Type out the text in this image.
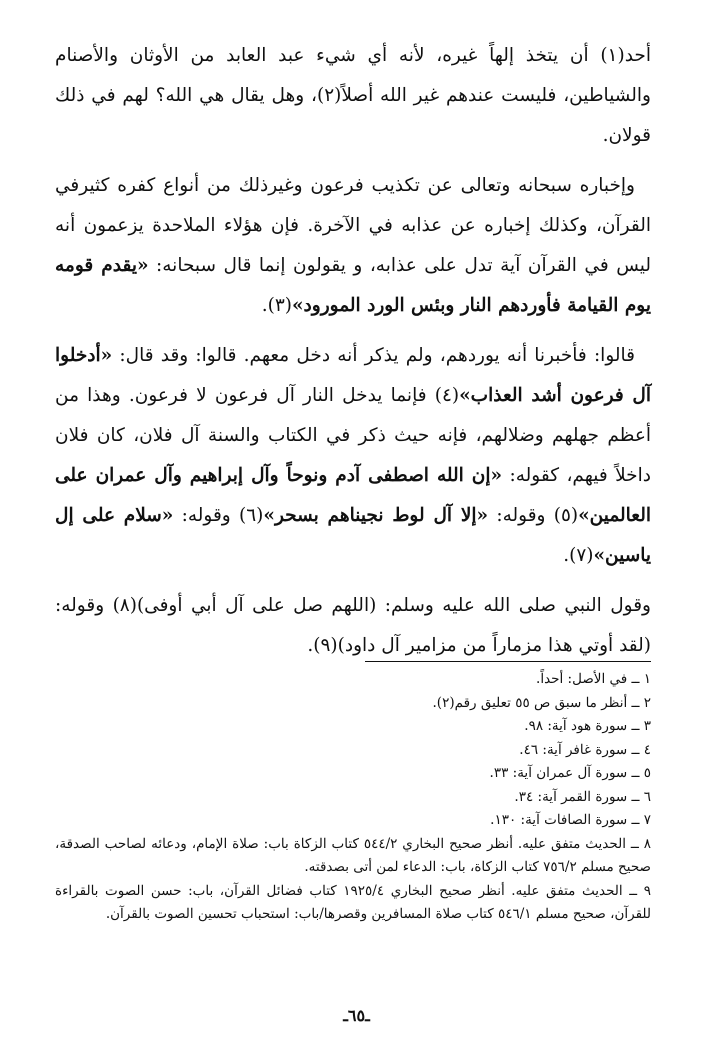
أحد(١) أن يتخذ إلهاً غيره، لأنه أي شيء عبد العابد من الأوثان والأصنام والشياطين، فليست عندهم غير الله أصلاً(٢)، وهل يقال هي الله؟ لهم في ذلك قولان.

وإخباره سبحانه وتعالى عن تكذيب فرعون وغيرذلك من أنواع كفره كثيرفي القرآن، وكذلك إخباره عن عذابه في الآخرة. فإن هؤلاء الملاحدة يزعمون أنه ليس في القرآن آية تدل على عذابه، و يقولون إنما قال سبحانه: «يقدم قومه يوم القيامة فأوردهم النار وبئس الورد المورود»(٣).

قالوا: فأخبرنا أنه يوردهم، ولم يذكر أنه دخل معهم. قالوا: وقد قال: «أدخلوا آل فرعون أشد العذاب»(٤) فإنما يدخل النار آل فرعون لا فرعون. وهذا من أعظم جهلهم وضلالهم، فإنه حيث ذكر في الكتاب والسنة آل فلان، كان فلان داخلاً فيهم، كقوله: «إن الله اصطفى آدم ونوحاً وآل إبراهيم وآل عمران على العالمين»(٥) وقوله: «إلا آل لوط نجيناهم بسحر»(٦) وقوله: «سلام على إل ياسين»(٧).

وقول النبي صلى الله عليه وسلم: (اللهم صل على آل أبي أوفى)(٨) وقوله: (لقد أوتي هذا مزماراً من مزامير آل داود)(٩).

١ ــ في الأصل: أحداً.
٢ ــ أنظر ما سبق ص ٥٥ تعليق رقم(٢).
٣ ــ سورة هود آية: ٩٨.
٤ ــ سورة غافر آية: ٤٦.
٥ ــ سورة آل عمران آية: ٣٣.
٦ ــ سورة القمر آية: ٣٤.
٧ ــ سورة الصافات آية: ١٣٠.
٨ ــ الحديث متفق عليه. أنظر صحيح البخاري ٥٤٤/٢ كتاب الزكاة باب: صلاة الإمام، ودعائه لصاحب الصدقة، صحيح مسلم ٧٥٦/٢ كتاب الزكاة، باب: الدعاء لمن أتى بصدقته.
٩ ــ الحديث متفق عليه. أنظر صحيح البخاري ١٩٢٥/٤ كتاب فضائل القرآن، باب: حسن الصوت بالقراءة للقرآن، صحيح مسلم ٥٤٦/١ كتاب صلاة المسافرين وقصرها/باب: استحباب تحسين الصوت بالقرآن.
ـ٦٥ـ
